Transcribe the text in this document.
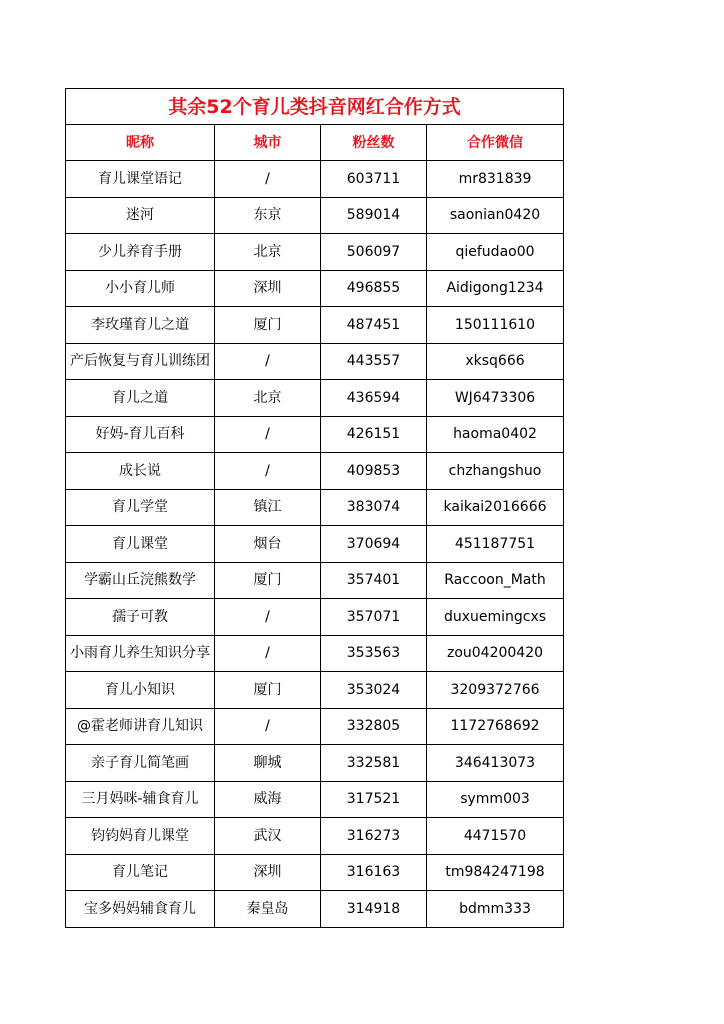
其余52个育儿类抖音网红合作方式			
昵称	城市	粉丝数	合作微信
育儿课堂语记	/	603711	mr831839
迷河	东京	589014	saonian0420
少儿养育手册	北京	506097	qiefudao00
小小育儿师	深圳	496855	Aidigong1234
李玫瑾育儿之道	厦门	487451	150111610
产后恢复与育儿训练团	/	443557	xksq666
育儿之道	北京	436594	WJ6473306
好妈-育儿百科	/	426151	haoma0402
成长说	/	409853	chzhangshuo
育儿学堂	镇江	383074	kaikai2016666
育儿课堂	烟台	370694	451187751
学霸山丘浣熊数学	厦门	357401	Raccoon_Math
孺子可教	/	357071	duxuemingcxs
小雨育儿养生知识分享	/	353563	zou04200420
育儿小知识	厦门	353024	3209372766
@霍老师讲育儿知识	/	332805	1172768692
亲子育儿简笔画	聊城	332581	346413073
三月妈咪-辅食育儿	威海	317521	symm003
钧钧妈育儿课堂	武汉	316273	4471570
育儿笔记	深圳	316163	tm984247198
宝多妈妈辅食育儿	秦皇岛	314918	bdmm333
